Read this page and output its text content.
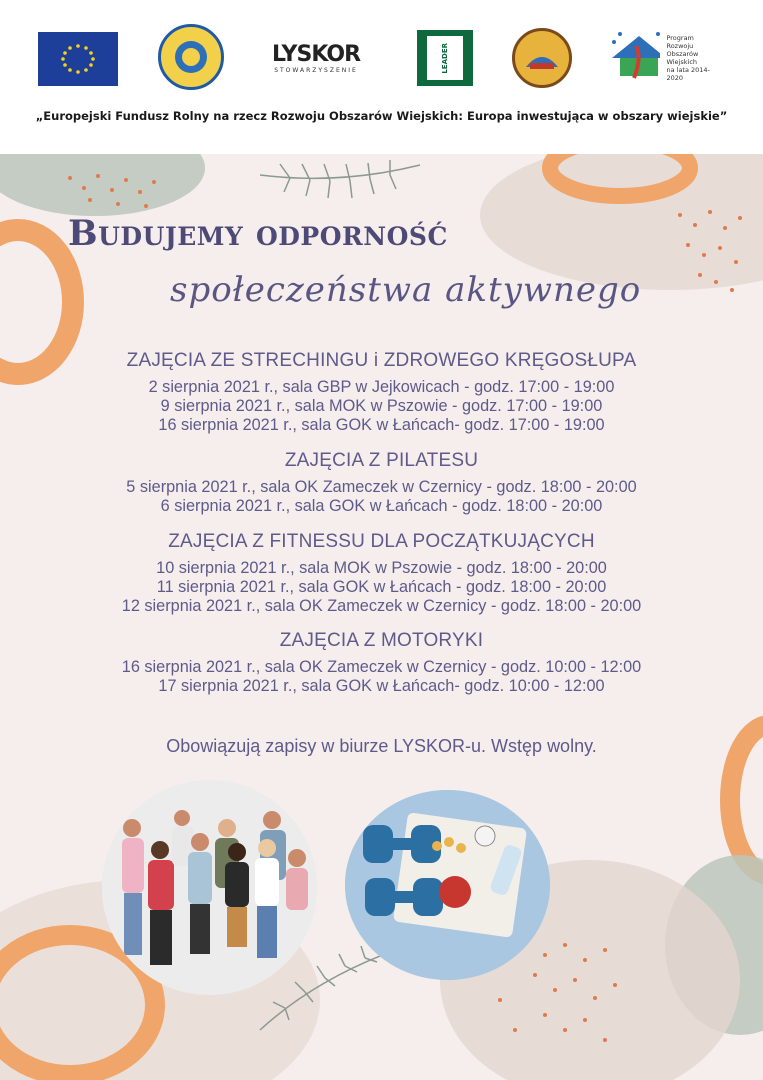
LYSKOR
STOWARZYSZENIE	LEADER
Program
Rozwoju
Obszarów
Wiejskich
na lata 2014-2020
„Europejski Fundusz Rolny na rzecz Rozwoju Obszarów Wiejskich: Europa inwestująca w obszary wiejskie”
Budujemy odporność
społeczeństwa aktywnego
ZAJĘCIA ZE STRECHINGU i ZDROWEGO KRĘGOSŁUPA
2 sierpnia 2021 r., sala GBP w Jejkowicach - godz. 17:00 - 19:00
9 sierpnia 2021 r., sala MOK w Pszowie - godz. 17:00 - 19:00
16 sierpnia 2021 r., sala GOK w Łańcach- godz. 17:00 - 19:00
ZAJĘCIA Z PILATESU
5 sierpnia 2021 r., sala OK Zameczek w Czernicy - godz. 18:00 - 20:00
6 sierpnia 2021 r., sala GOK w Łańcach - godz. 18:00 - 20:00
ZAJĘCIA Z FITNESSU DLA POCZĄTKUJĄCYCH
10 sierpnia 2021 r., sala MOK w Pszowie - godz. 18:00 - 20:00
11 sierpnia 2021 r., sala GOK w Łańcach - godz. 18:00 - 20:00
12 sierpnia 2021 r., sala OK Zameczek w Czernicy - godz. 18:00 - 20:00
ZAJĘCIA Z MOTORYKI
16 sierpnia 2021 r., sala OK Zameczek w Czernicy - godz. 10:00 - 12:00
17 sierpnia 2021 r., sala GOK w Łańcach- godz. 10:00 - 12:00
Obowiązują zapisy w biurze LYSKOR-u. Wstęp wolny.
